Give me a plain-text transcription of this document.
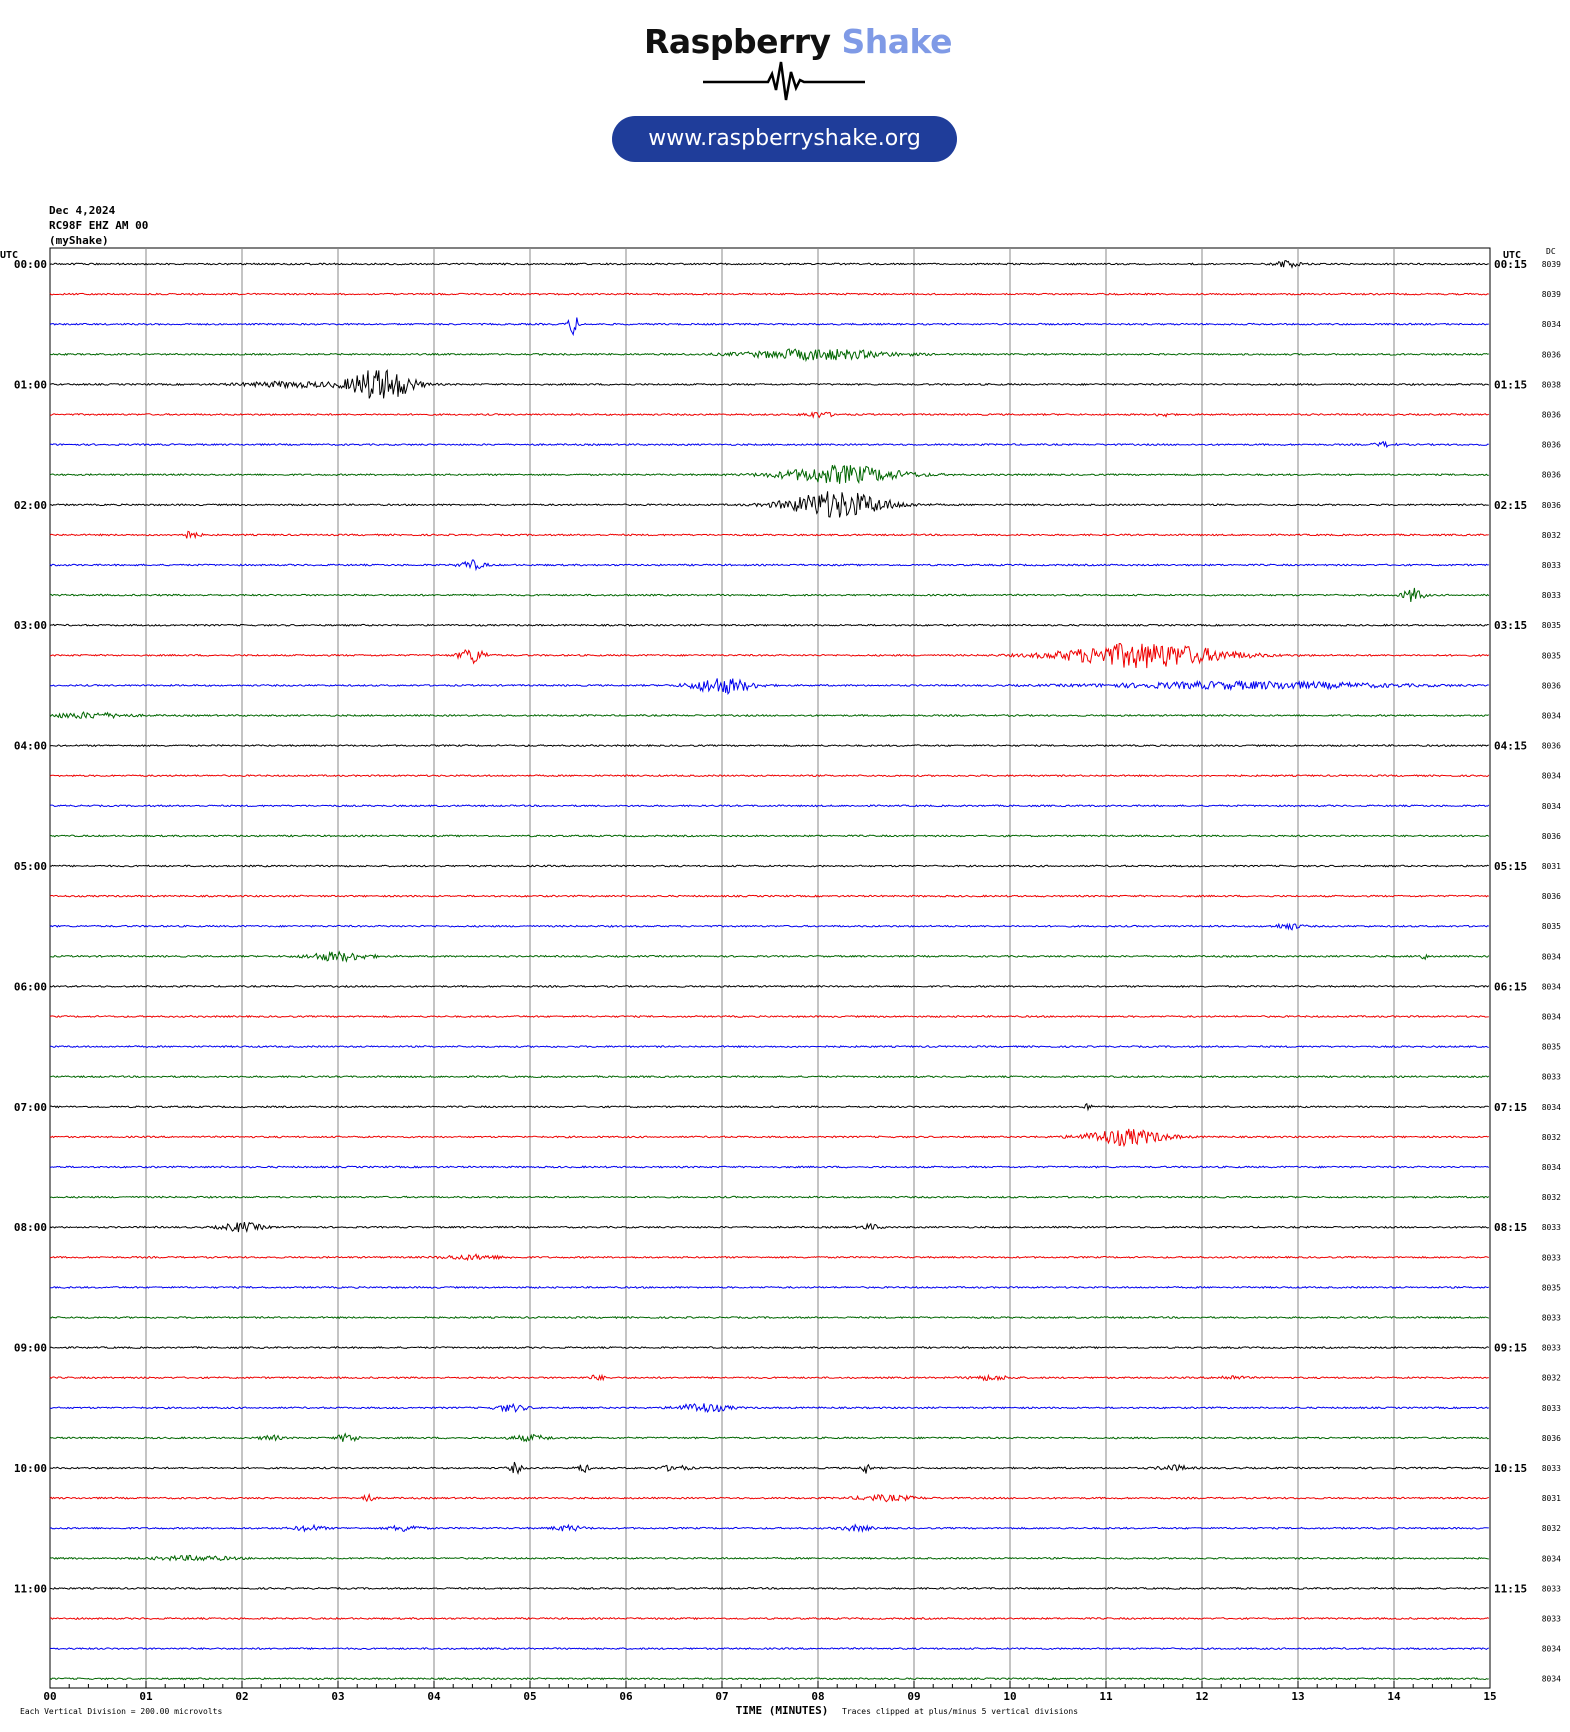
Raspberry Shake
www.raspberryshake.org
Dec 4,2024
RC98F EHZ AM 00
(myShake)
8039
8039
8034
8036
8038
8036
8036
8036
8036
8032
8033
8033
8035
8035
8036
8034
8036
8034
8034
8036
8031
8036
8035
8034
8034
8034
8035
8033
8034
8032
8034
8032
8033
8033
8035
8033
8033
8032
8033
8036
8033
8031
8032
8034
8033
8033
8034
8034
00:00	00:15
01:00	01:15
02:00	02:15
03:00	03:15
04:00	04:15
05:00	05:15
06:00	06:15
07:00	07:15
08:00	08:15
09:00	09:15
10:00	10:15
11:00	11:15
UTC	UTC	DC
00	01	02	03	04	05	06	07	08	09	10	11	12	13	14	15
TIME (MINUTES)
Each Vertical Division = 200.00 microvolts	Traces clipped at plus/minus 5 vertical divisions
